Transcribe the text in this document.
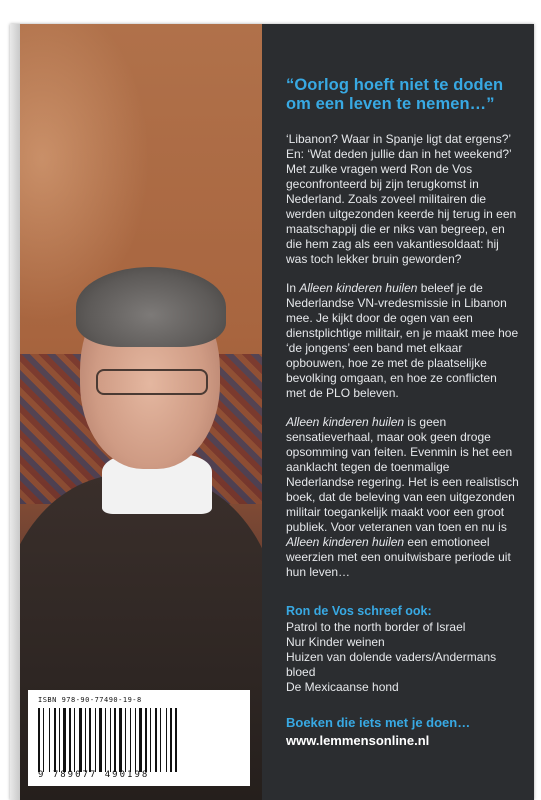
ISBN 978-90-77490-19-8
9 789077 490198

“Oorlog hoeft niet te doden om een leven te nemen…”

‘Libanon? Waar in Spanje ligt dat ergens?’ En: ‘Wat deden jullie dan in het weekend?’ Met zulke vragen werd Ron de Vos geconfronteerd bij zijn terugkomst in Nederland. Zoals zoveel militairen die werden uitgezonden keerde hij terug in een maatschappij die er niks van begreep, en die hem zag als een vakantiesoldaat: hij was toch lekker bruin geworden?

In Alleen kinderen huilen beleef je de Nederlandse VN-vredesmissie in Libanon mee. Je kijkt door de ogen van een dienstplichtige militair, en je maakt mee hoe ‘de jongens’ een band met elkaar opbouwen, hoe ze met de plaatselijke bevolking omgaan, en hoe ze conflicten met de PLO beleven.

Alleen kinderen huilen is geen sensatieverhaal, maar ook geen droge opsomming van feiten. Evenmin is het een aanklacht tegen de toenmalige Nederlandse regering. Het is een realistisch boek, dat de beleving van een uitgezonden militair toegankelijk maakt voor een groot publiek. Voor veteranen van toen en nu is Alleen kinderen huilen een emotioneel weerzien met een onuitwisbare periode uit hun leven…

Ron de Vos schreef ook:
Patrol to the north border of Israel
Nur Kinder weinen
Huizen van dolende vaders/Andermans bloed
De Mexicaanse hond
Boeken die iets met je doen…
www.lemmensonline.nl
